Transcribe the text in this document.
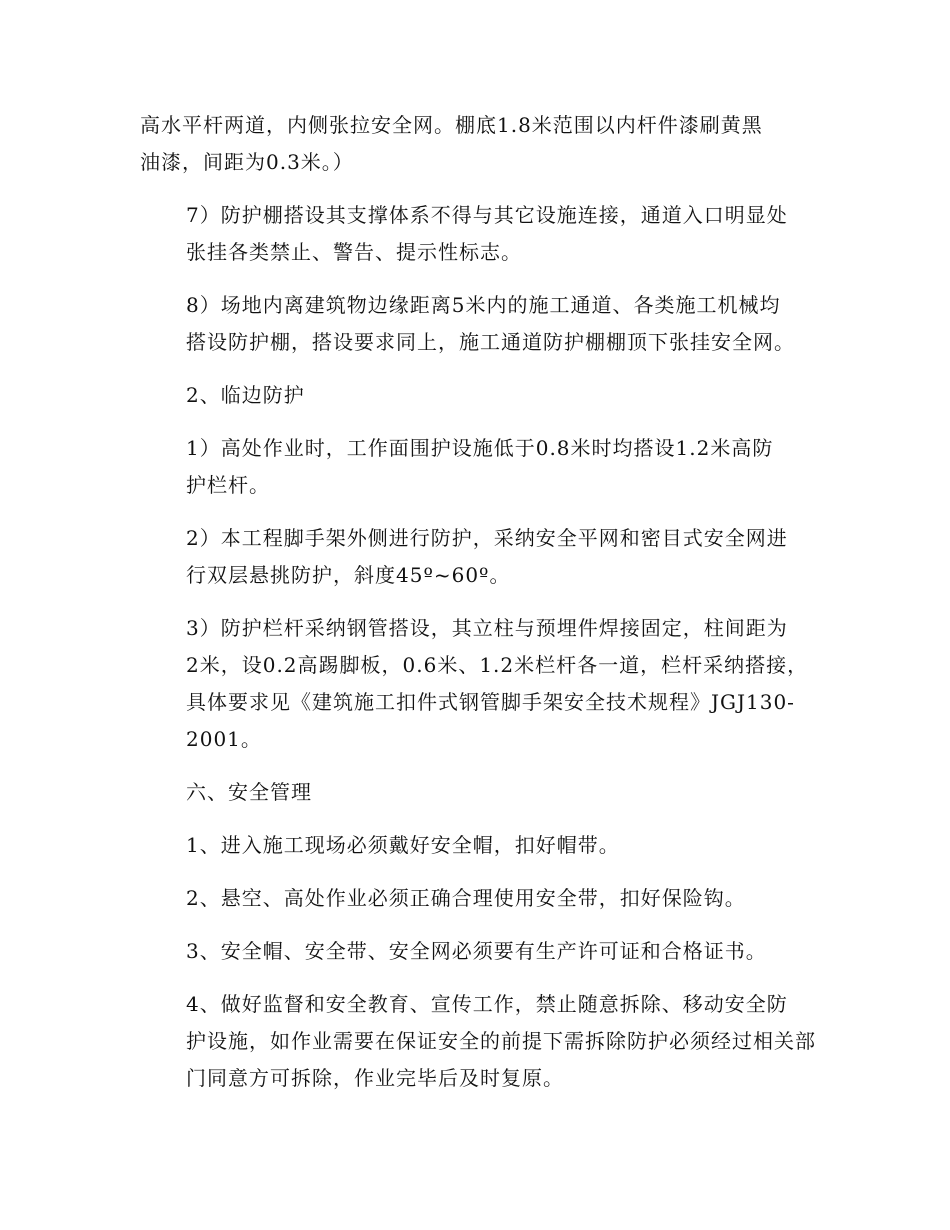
高水平杆两道，内侧张拉安全网。棚底1.8米范围以内杆件漆刷黄黑
油漆，间距为0.3米。）

7）防护棚搭设其支撑体系不得与其它设施连接，通道入口明显处
张挂各类禁止、警告、提示性标志。

8）场地内离建筑物边缘距离5米内的施工通道、各类施工机械均
搭设防护棚，搭设要求同上，施工通道防护棚棚顶下张挂安全网。

2、临边防护

1）高处作业时，工作面围护设施低于0.8米时均搭设1.2米高防
护栏杆。

2）本工程脚手架外侧进行防护，采纳安全平网和密目式安全网进
行双层悬挑防护，斜度45º~60º。

3）防护栏杆采纳钢管搭设，其立柱与预埋件焊接固定，柱间距为
2米，设0.2高踢脚板，0.6米、1.2米栏杆各一道，栏杆采纳搭接，
具体要求见《建筑施工扣件式钢管脚手架安全技术规程》JGJ130-
2001。

六、安全管理

1、进入施工现场必须戴好安全帽，扣好帽带。

2、悬空、高处作业必须正确合理使用安全带，扣好保险钩。

3、安全帽、安全带、安全网必须要有生产许可证和合格证书。

4、做好监督和安全教育、宣传工作，禁止随意拆除、移动安全防
护设施，如作业需要在保证安全的前提下需拆除防护必须经过相关部
门同意方可拆除，作业完毕后及时复原。
